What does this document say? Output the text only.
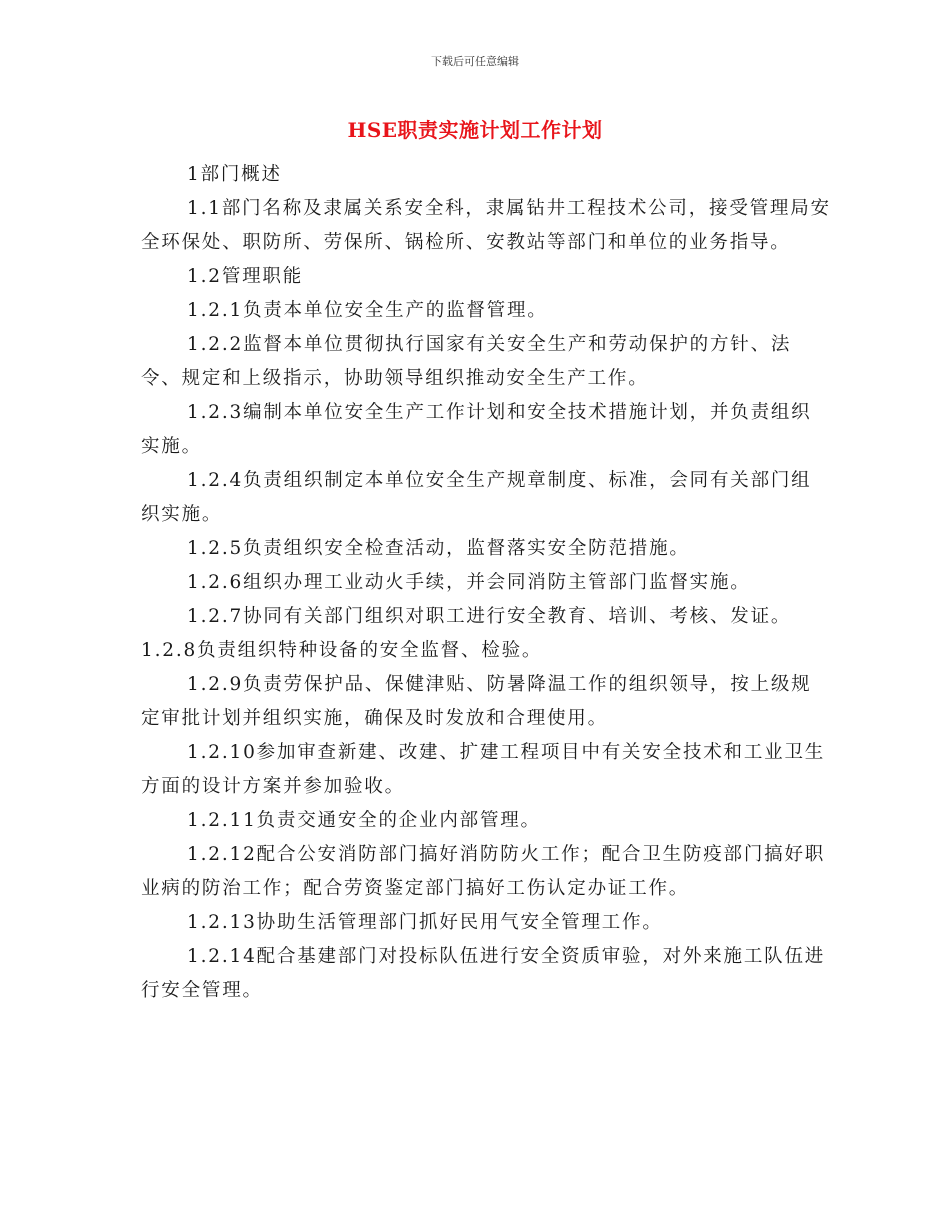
下载后可任意编辑
HSE职责实施计划工作计划

1部门概述

1.1部门名称及隶属关系安全科，隶属钻井工程技术公司，接受管理局安全环保处、职防所、劳保所、锅检所、安教站等部门和单位的业务指导。

1.2管理职能

1.2.1负责本单位安全生产的监督管理。

1.2.2监督本单位贯彻执行国家有关安全生产和劳动保护的方针、法令、规定和上级指示，协助领导组织推动安全生产工作。

1.2.3编制本单位安全生产工作计划和安全技术措施计划，并负责组织实施。

1.2.4负责组织制定本单位安全生产规章制度、标准，会同有关部门组织实施。

1.2.5负责组织安全检查活动，监督落实安全防范措施。

1.2.6组织办理工业动火手续，并会同消防主管部门监督实施。

1.2.7协同有关部门组织对职工进行安全教育、培训、考核、发证。

1.2.8负责组织特种设备的安全监督、检验。

1.2.9负责劳保护品、保健津贴、防暑降温工作的组织领导，按上级规定审批计划并组织实施，确保及时发放和合理使用。

1.2.10参加审查新建、改建、扩建工程项目中有关安全技术和工业卫生方面的设计方案并参加验收。

1.2.11负责交通安全的企业内部管理。

1.2.12配合公安消防部门搞好消防防火工作；配合卫生防疫部门搞好职业病的防治工作；配合劳资鉴定部门搞好工伤认定办证工作。

1.2.13协助生活管理部门抓好民用气安全管理工作。

1.2.14配合基建部门对投标队伍进行安全资质审验，对外来施工队伍进行安全管理。
